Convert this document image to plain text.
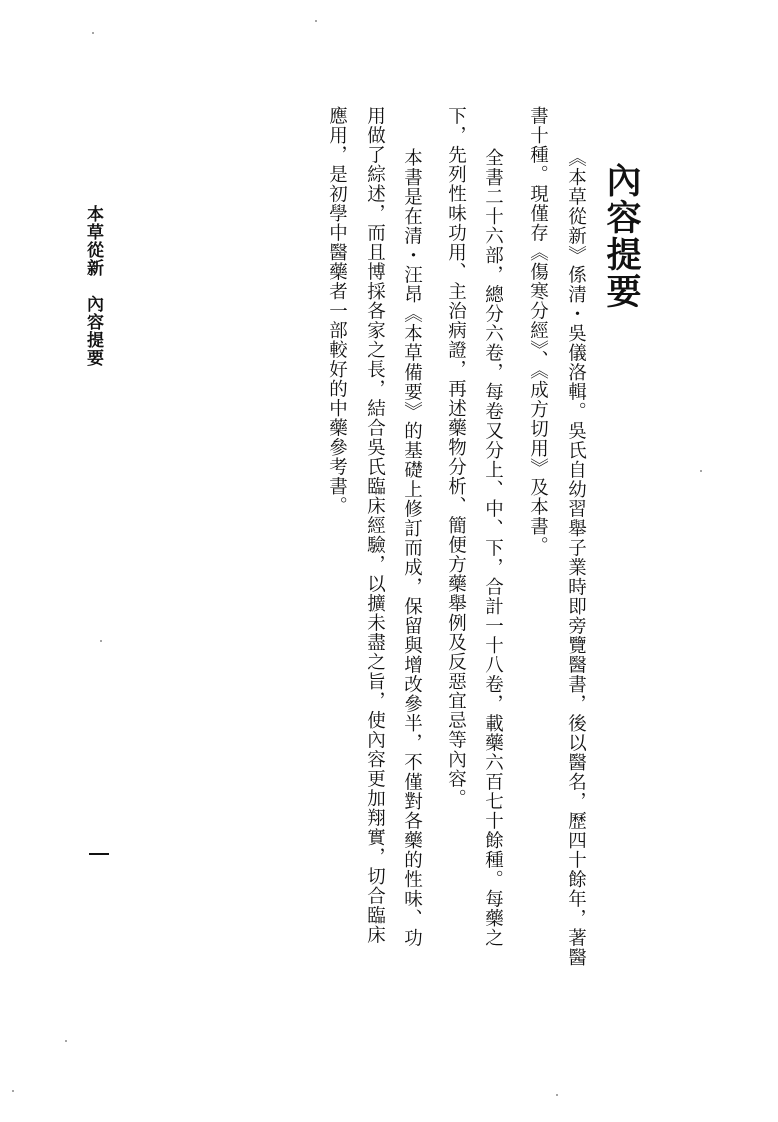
內容提要
《本草從新》係清・吳儀洛輯。吳氏自幼習舉子業時即旁覽醫書，後以醫名，歷四十餘年，著醫
書十種。現僅存《傷寒分經》、《成方切用》及本書。
全書二十六部，總分六卷，每卷又分上、中、下，合計一十八卷，載藥六百七十餘種。每藥之
下，先列性味功用、主治病證，再述藥物分析、簡便方藥舉例及反惡宜忌等內容。
本書是在清・汪昂《本草備要》的基礎上修訂而成，保留與增改參半，不僅對各藥的性味、功
用做了綜述，而且博採各家之長，結合吳氏臨床經驗，以擴未盡之旨，使內容更加翔實，切合臨床
應用，是初學中醫藥者一部較好的中藥參考書。
本草從新內容提要
